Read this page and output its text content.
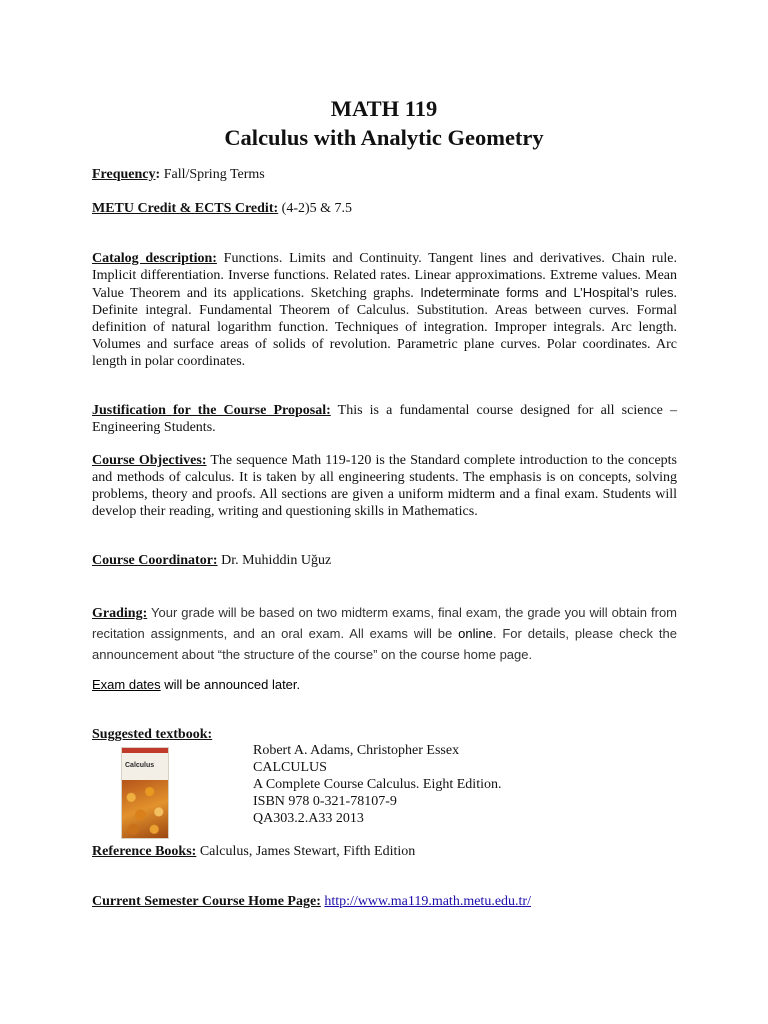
MATH 119
Calculus with Analytic Geometry
Frequency: Fall/Spring Terms
METU Credit & ECTS Credit: (4-2)5 & 7.5
Catalog description: Functions. Limits and Continuity. Tangent lines and derivatives. Chain rule. Implicit differentiation. Inverse functions. Related rates. Linear approximations. Extreme values. Mean Value Theorem and its applications. Sketching graphs. Indeterminate forms and L’Hospital’s rules. Definite integral. Fundamental Theorem of Calculus. Substitution. Areas between curves. Formal definition of natural logarithm function. Techniques of integration. Improper integrals. Arc length. Volumes and surface areas of solids of revolution. Parametric plane curves. Polar coordinates. Arc length in polar coordinates.
Justification for the Course Proposal: This is a fundamental course designed for all science – Engineering Students.
Course Objectives: The sequence Math 119-120 is the Standard complete introduction to the concepts and methods of calculus. It is taken by all engineering students. The emphasis is on concepts, solving problems, theory and proofs. All sections are given a uniform midterm and a final exam. Students will develop their reading, writing and questioning skills in Mathematics.
Course Coordinator: Dr. Muhiddin Uğuz
Grading: Your grade will be based on two midterm exams, final exam, the grade you will obtain from recitation assignments, and an oral exam. All exams will be online. For details, please check the announcement about “the structure of the course” on the course home page.
Exam dates will be announced later.
Suggested textbook:
Calculus
Robert A. Adams, Christopher Essex
CALCULUS
A Complete Course Calculus. Eight Edition.
ISBN 978 0-321-78107-9
QA303.2.A33 2013
Reference Books: Calculus, James Stewart, Fifth Edition
Current Semester Course Home Page: http://www.ma119.math.metu.edu.tr/
